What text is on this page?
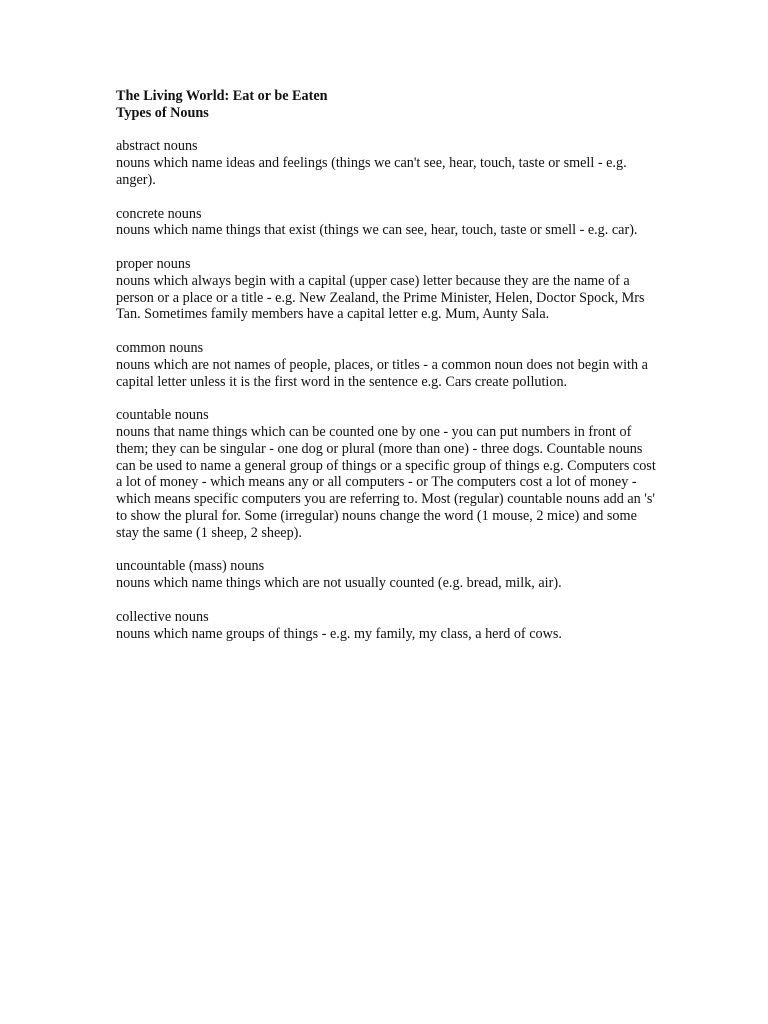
The Living World: Eat or be Eaten

Types of Nouns

abstract nouns

nouns which name ideas and feelings (things we can't see, hear, touch, taste or smell - e.g. anger).

concrete nouns

nouns which name things that exist (things we can see, hear, touch, taste or smell - e.g. car).

proper nouns

nouns which always begin with a capital (upper case) letter because they are the name of a person or a place or a title - e.g. New Zealand, the Prime Minister, Helen, Doctor Spock, Mrs Tan. Sometimes family members have a capital letter e.g. Mum, Aunty Sala.

common nouns

nouns which are not names of people, places, or titles - a common noun does not begin with a capital letter unless it is the first word in the sentence e.g. Cars create pollution.

countable nouns

nouns that name things which can be counted one by one - you can put numbers in front of them; they can be singular - one dog or plural (more than one) - three dogs. Countable nouns can be used to name a general group of things or a specific group of things e.g. Computers cost a lot of money - which means any or all computers - or The computers cost a lot of money - which means specific computers you are referring to. Most (regular) countable nouns add an 's' to show the plural for. Some (irregular) nouns change the word (1 mouse, 2 mice) and some stay the same (1 sheep, 2 sheep).

uncountable (mass) nouns

nouns which name things which are not usually counted (e.g. bread, milk, air).

collective nouns

nouns which name groups of things - e.g. my family, my class, a herd of cows.
